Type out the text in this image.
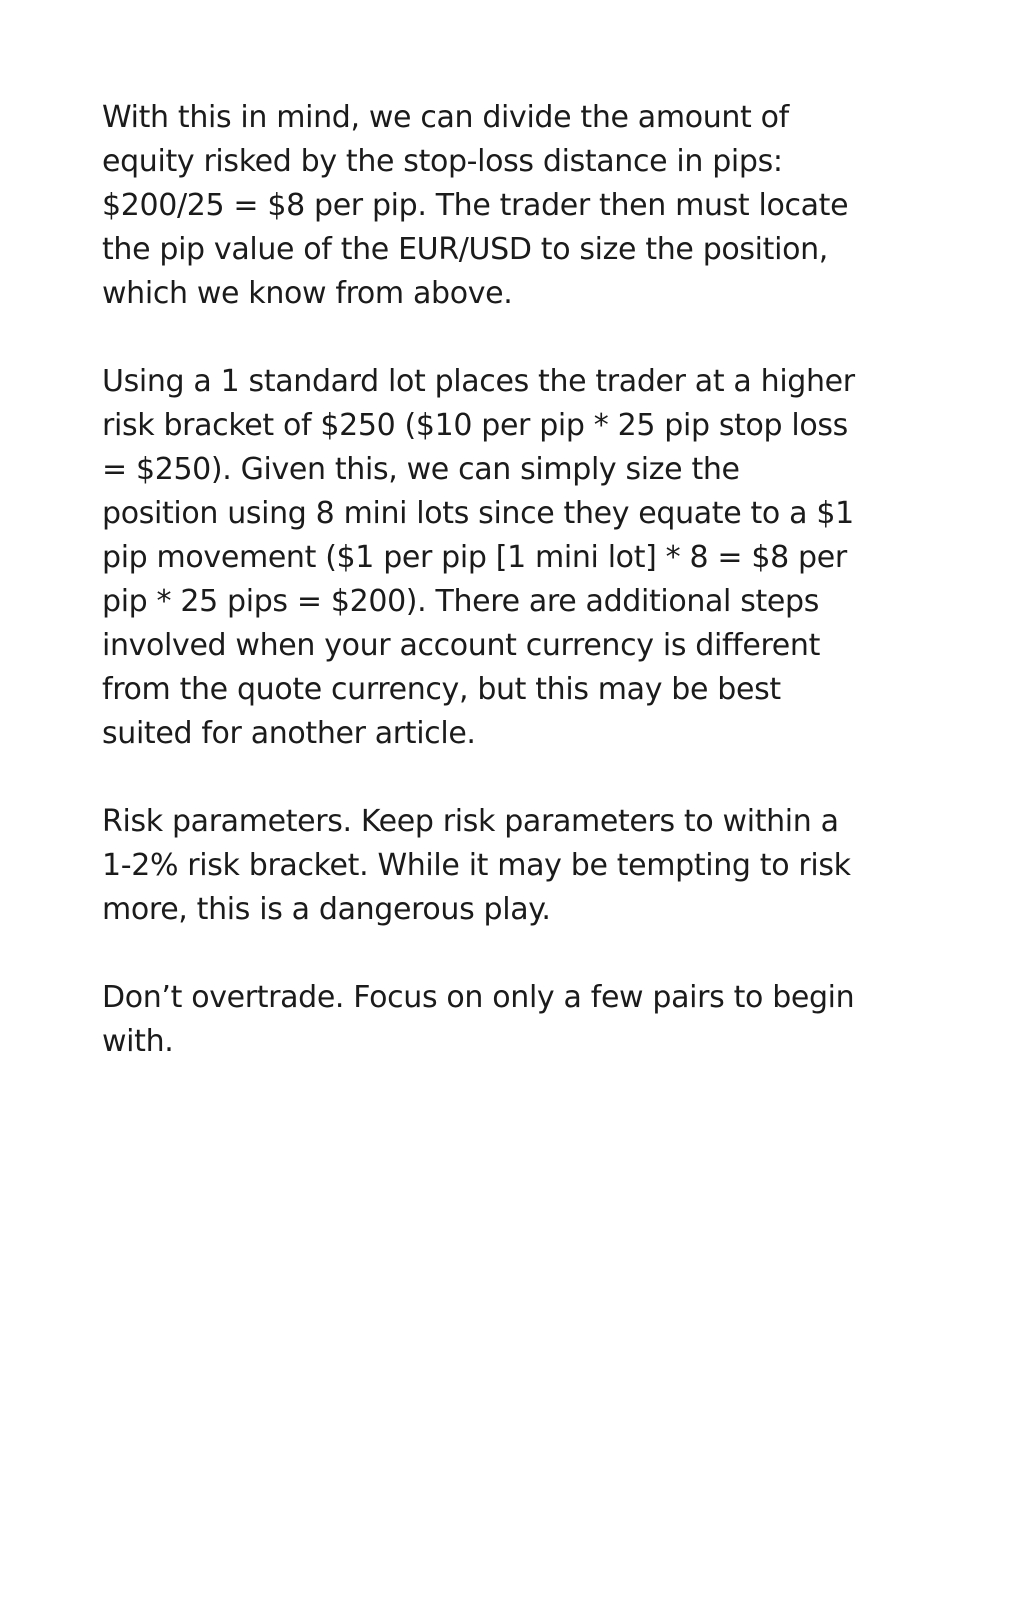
With this in mind, we can divide the amount of equity risked by the stop-loss distance in pips: $200/25 = $8 per pip. The trader then must locate the pip value of the EUR/USD to size the position, which we know from above.

Using a 1 standard lot places the trader at a higher risk bracket of $250 ($10 per pip * 25 pip stop loss = $250). Given this, we can simply size the position using 8 mini lots since they equate to a $1 pip movement ($1 per pip [1 mini lot] * 8 = $8 per pip * 25 pips = $200). There are additional steps involved when your account currency is different from the quote currency, but this may be best suited for another article.

Risk parameters. Keep risk parameters to within a 1-2% risk bracket. While it may be tempting to risk more, this is a dangerous play.

Don’t overtrade. Focus on only a few pairs to begin with.
